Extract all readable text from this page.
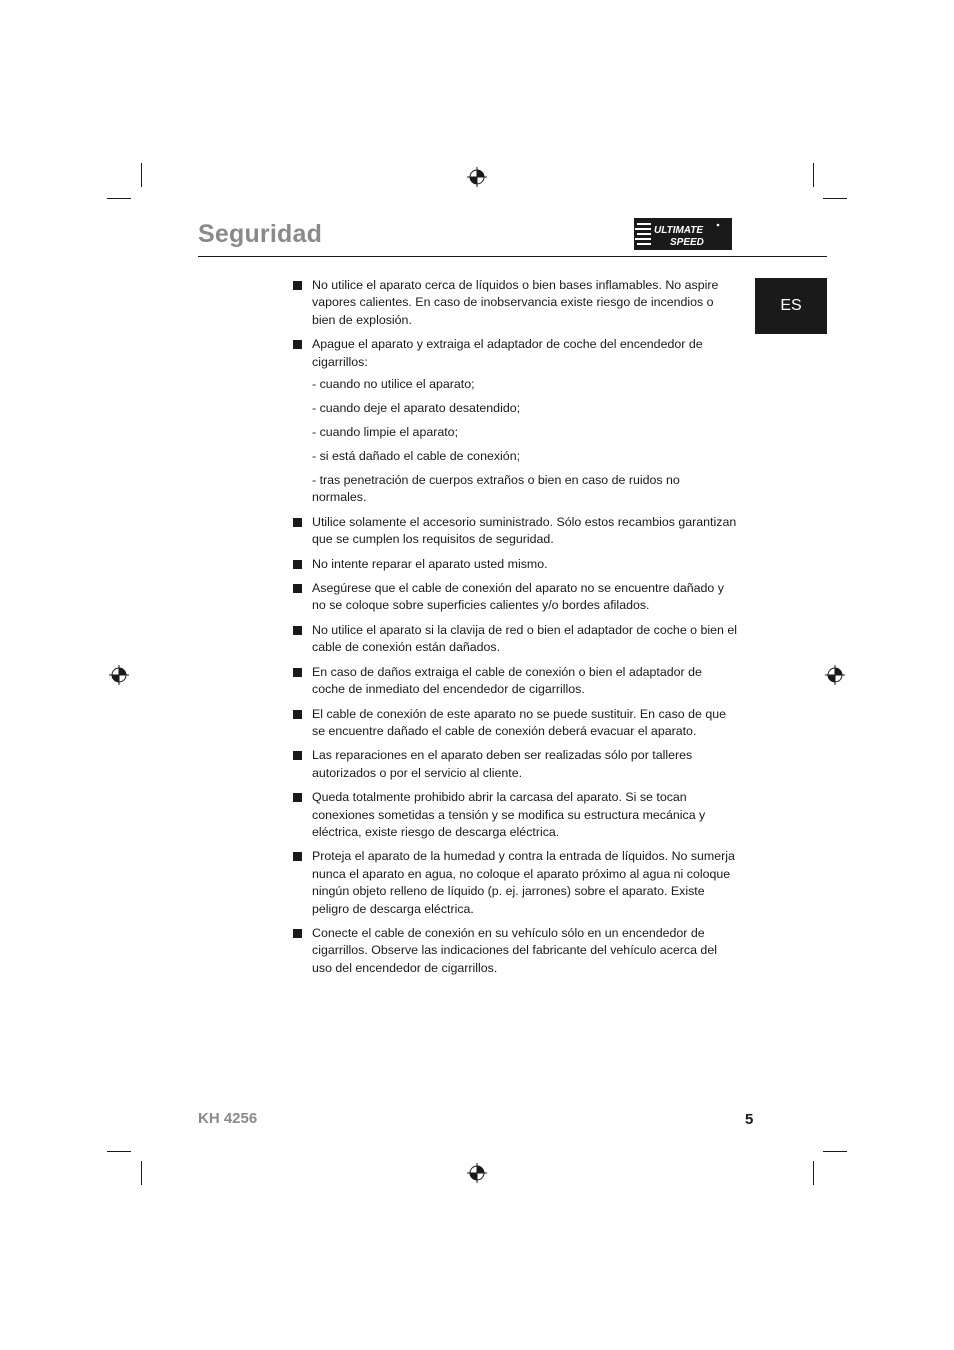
Seguridad	ULTIMATE
SPEED
ES
No utilice el aparato cerca de líquidos o bien bases inflamables. No aspire vapores calientes. En caso de inobservancia existe riesgo de incendios o bien de explosión.
Apague el aparato y extraiga el adaptador de coche del encendedor de cigarrillos:
- cuando no utilice el aparato;
- cuando deje el aparato desatendido;
- cuando limpie el aparato;
- si está dañado el cable de conexión;
- tras penetración de cuerpos extraños o bien en caso de ruidos no normales.
Utilice solamente el accesorio suministrado. Sólo estos recambios garantizan que se cumplen los requisitos de seguridad.
No intente reparar el aparato usted mismo.
Asegúrese que el cable de conexión del aparato no se encuentre dañado y no se coloque sobre superficies calientes y/o bordes afilados.
No utilice el aparato si la clavija de red o bien el adaptador de coche o bien el cable de conexión están dañados.
En caso de daños extraiga el cable de conexión o bien el adaptador de coche de inmediato del encendedor de cigarrillos.
El cable de conexión de este aparato no se puede sustituir. En caso de que se encuentre dañado el cable de conexión deberá evacuar el aparato.
Las reparaciones en el aparato deben ser realizadas sólo por talleres autorizados o por el servicio al cliente.
Queda totalmente prohibido abrir la carcasa del aparato. Si se tocan conexiones sometidas a tensión y se modifica su estructura mecánica y eléctrica, existe riesgo de descarga eléctrica.
Proteja el aparato de la humedad y contra la entrada de líquidos. No sumerja nunca el aparato en agua, no coloque el aparato próximo al agua ni coloque ningún objeto relleno de líquido (p. ej. jarrones) sobre el aparato. Existe peligro de descarga eléctrica.
Conecte el cable de conexión en su vehículo sólo en un encendedor de cigarrillos. Observe las indicaciones del fabricante del vehículo acerca del uso del encendedor de cigarrillos.
KH 4256	5
